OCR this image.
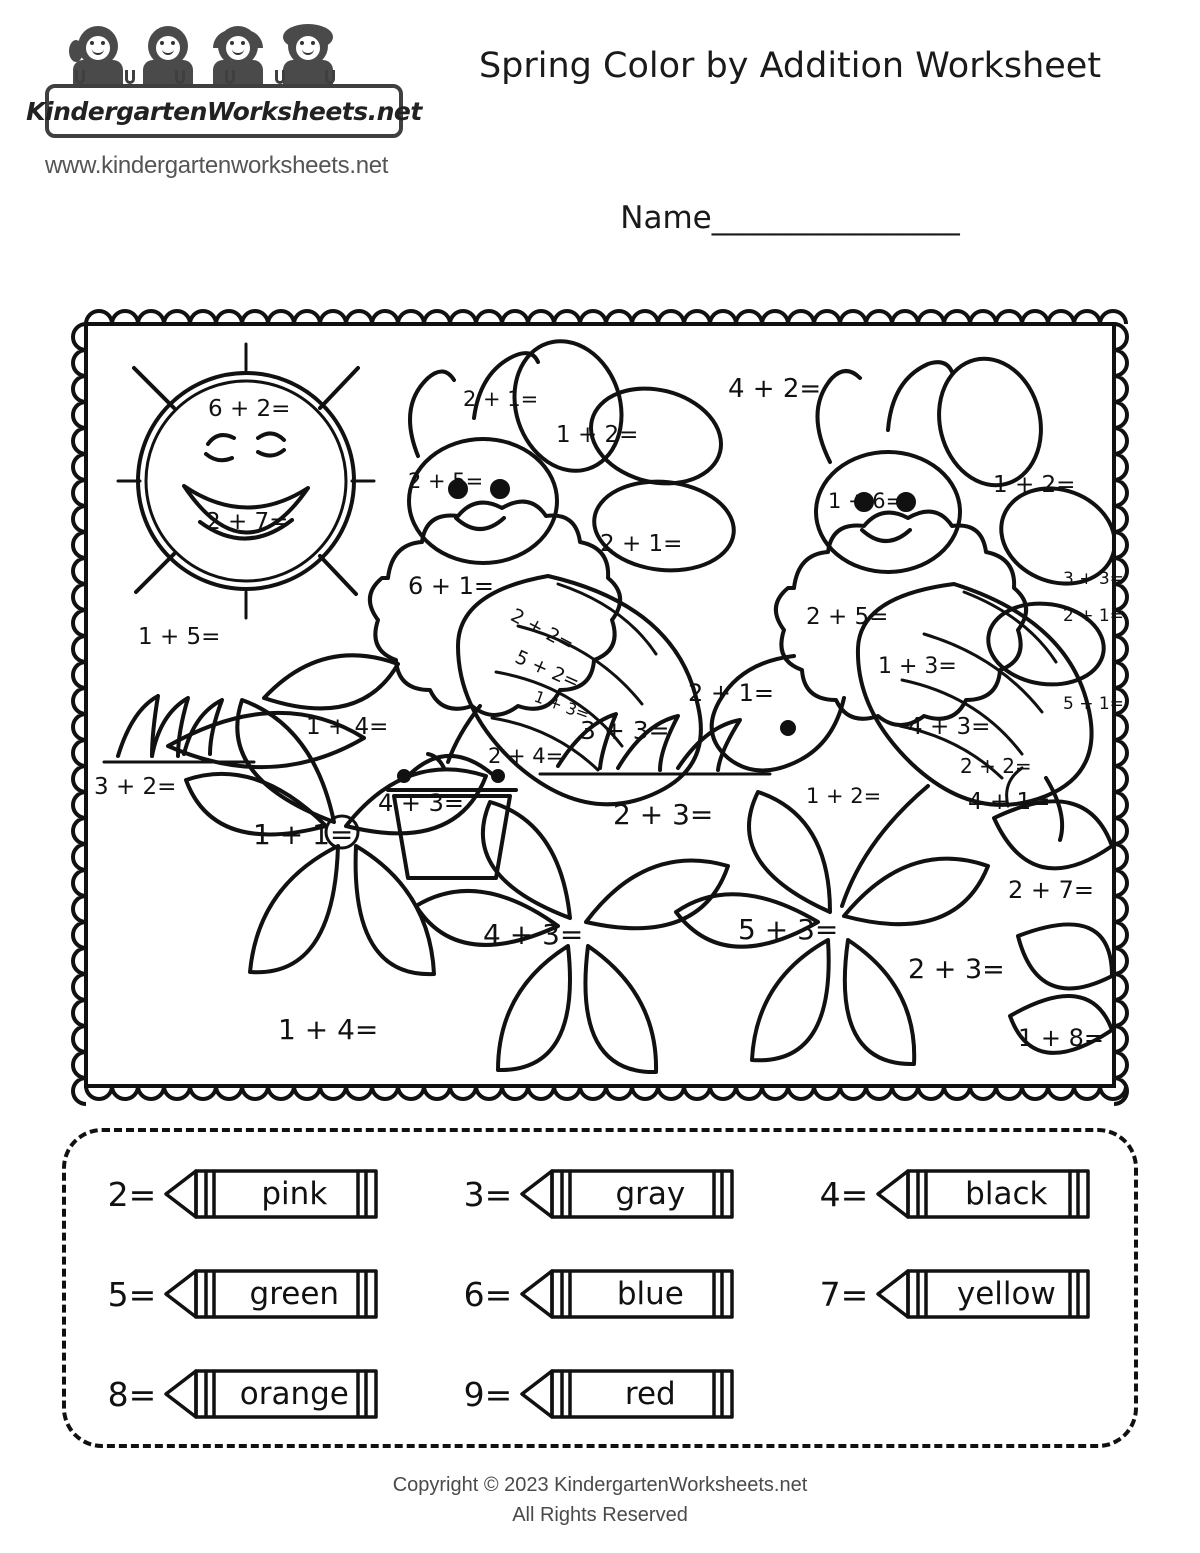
KindergartenWorksheets.net
www.kindergartenworksheets.net
Spring Color by Addition Worksheet
Name________________
6 + 2=
2 + 7=
1 + 5=
3 + 2=
1 + 4=
1 + 1=
1 + 4=
2 + 1=
1 + 2=
2 + 5=
2 + 1=
6 + 1=
2 + 2=
5 + 2=
1 + 3=
2 + 4=
4 + 3=
3 + 3=
2 + 3=
4 + 3=	5 + 3=
4 + 2=
1 + 6=
1 + 2=
2 + 5=
1 + 3=
2 + 1=
4 + 3=
3 + 3=
2 + 1=
5 + 1=
2 + 2=
1 + 2=	4 + 1=
2 + 7=
2 + 3=
1 + 8=
2=	pink	3=	gray	4=	black
5=	green	6=	blue	7=	yellow
8=	orange	9=	red
Copyright © 2023 KindergartenWorksheets.net
All Rights Reserved
